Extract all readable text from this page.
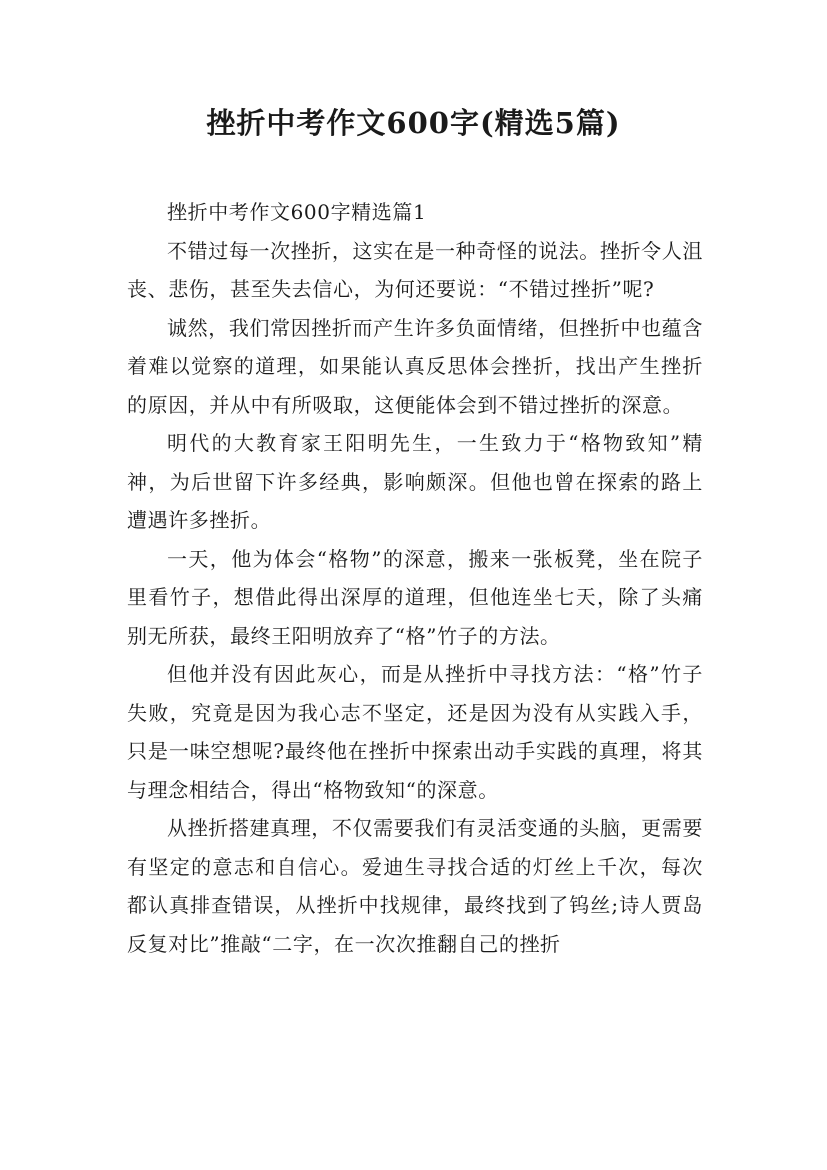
挫折中考作文600字(精选5篇)

挫折中考作文600字精选篇1

不错过每一次挫折，这实在是一种奇怪的说法。挫折令人沮丧、悲伤，甚至失去信心，为何还要说：“不错过挫折”呢?

诚然，我们常因挫折而产生许多负面情绪，但挫折中也蕴含着难以觉察的道理，如果能认真反思体会挫折，找出产生挫折的原因，并从中有所吸取，这便能体会到不错过挫折的深意。

明代的大教育家王阳明先生，一生致力于“格物致知”精神，为后世留下许多经典，影响颇深。但他也曾在探索的路上遭遇许多挫折。

一天，他为体会“格物”的深意，搬来一张板凳，坐在院子里看竹子，想借此得出深厚的道理，但他连坐七天，除了头痛别无所获，最终王阳明放弃了“格”竹子的方法。

但他并没有因此灰心，而是从挫折中寻找方法：“格”竹子失败，究竟是因为我心志不坚定，还是因为没有从实践入手，只是一味空想呢?最终他在挫折中探索出动手实践的真理，将其与理念相结合，得出“格物致知“的深意。

从挫折搭建真理，不仅需要我们有灵活变通的头脑，更需要有坚定的意志和自信心。爱迪生寻找合适的灯丝上千次，每次都认真排查错误，从挫折中找规律，最终找到了钨丝;诗人贾岛反复对比”推敲“二字，在一次次推翻自己的挫折
